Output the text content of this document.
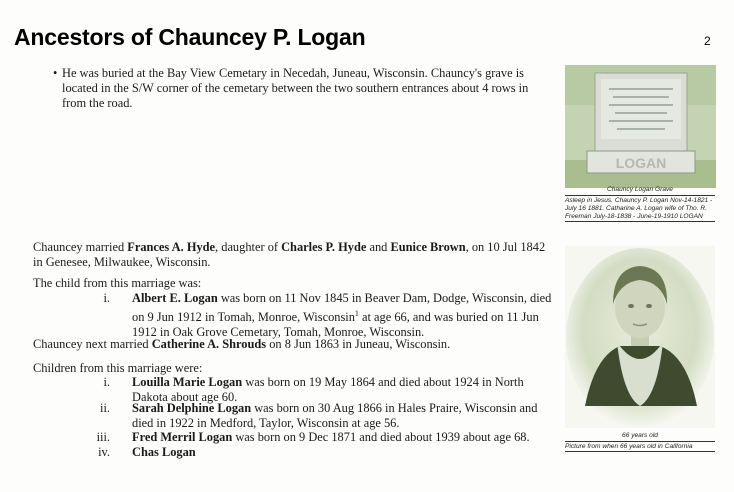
Ancestors of Chauncey P. Logan	2
• He was buried at the Bay View Cemetary in Necedah, Juneau, Wisconsin. Chauncy's grave is located in the S/W corner of the cemetary between the two southern entrances about 4 rows in from the road.
Chauncey married Frances A. Hyde, daughter of Charles P. Hyde and Eunice Brown, on 10 Jul 1842 in Genesee, Milwaukee, Wisconsin.
The child from this marriage was:
i. Albert E. Logan was born on 11 Nov 1845 in Beaver Dam, Dodge, Wisconsin, died on 9 Jun 1912 in Tomah, Monroe, Wisconsin$^1$ at age 66, and was buried on 11 Jun 1912 in Oak Grove Cemetary, Tomah, Monroe, Wisconsin.
Chauncey next married Catherine A. Shrouds on 8 Jun 1863 in Juneau, Wisconsin.
Children from this marriage were:
i. Louilla Marie Logan was born on 19 May 1864 and died about 1924 in North Dakota about age 60.
ii. Sarah Delphine Logan was born on 30 Aug 1866 in Hales Praire, Wisconsin and died in 1922 in Medford, Taylor, Wisconsin at age 56.
iii. Fred Merril Logan was born on 9 Dec 1871 and died about 1939 about age 68.
iv. Chas Logan
LOGAN
Chauncy Logan Grave
Asleep in Jesus. Chauncy P. Logan Nov-14-1821 - July 16 1881. Catharine A. Logan wife of Tho. R. Freeman July-18-1838 - June-19-1910 LOGAN
66 years old
Picture from when 66 years old in California
